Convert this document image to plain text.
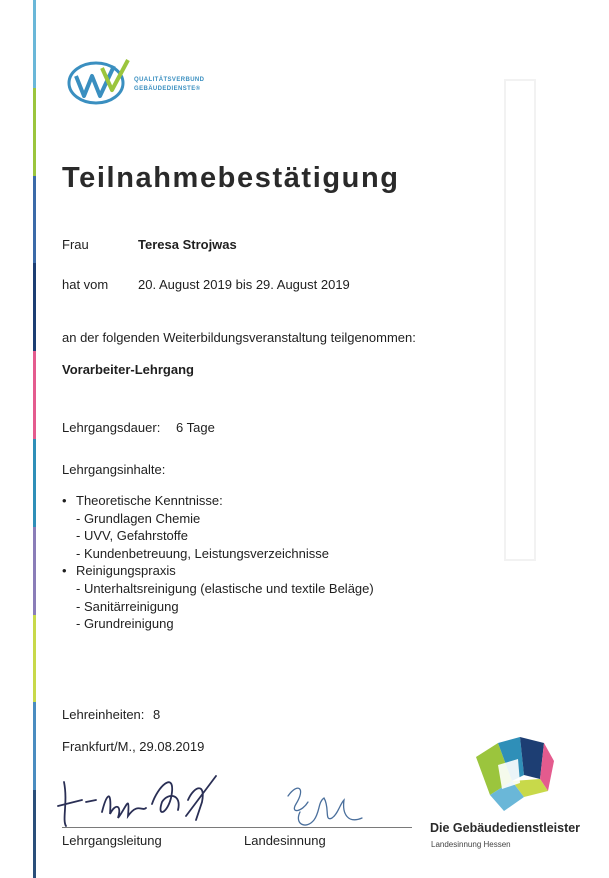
QUALITÄTSVERBUND
GEBÄUDEDIENSTE®
Teilnahmebestätigung
Frau	Teresa Strojwas
hat vom 20. August 2019 bis 29. August 2019
an der folgenden Weiterbildungsveranstaltung teilgenommen:
Vorarbeiter-Lehrgang
Lehrgangsdauer: 6 Tage
Lehrgangsinhalte:
• Theoretische Kenntnisse:
- Grundlagen Chemie
- UVV, Gefahrstoffe
- Kundenbetreuung, Leistungsverzeichnisse
• Reinigungspraxis
- Unterhaltsreinigung (elastische und textile Beläge)
- Sanitärreinigung
- Grundreinigung
Lehreinheiten: 8
Frankfurt/M., 29.08.2019
Lehrgangsleitung	Landesinnung
Die Gebäudedienstleister
Landesinnung Hessen
